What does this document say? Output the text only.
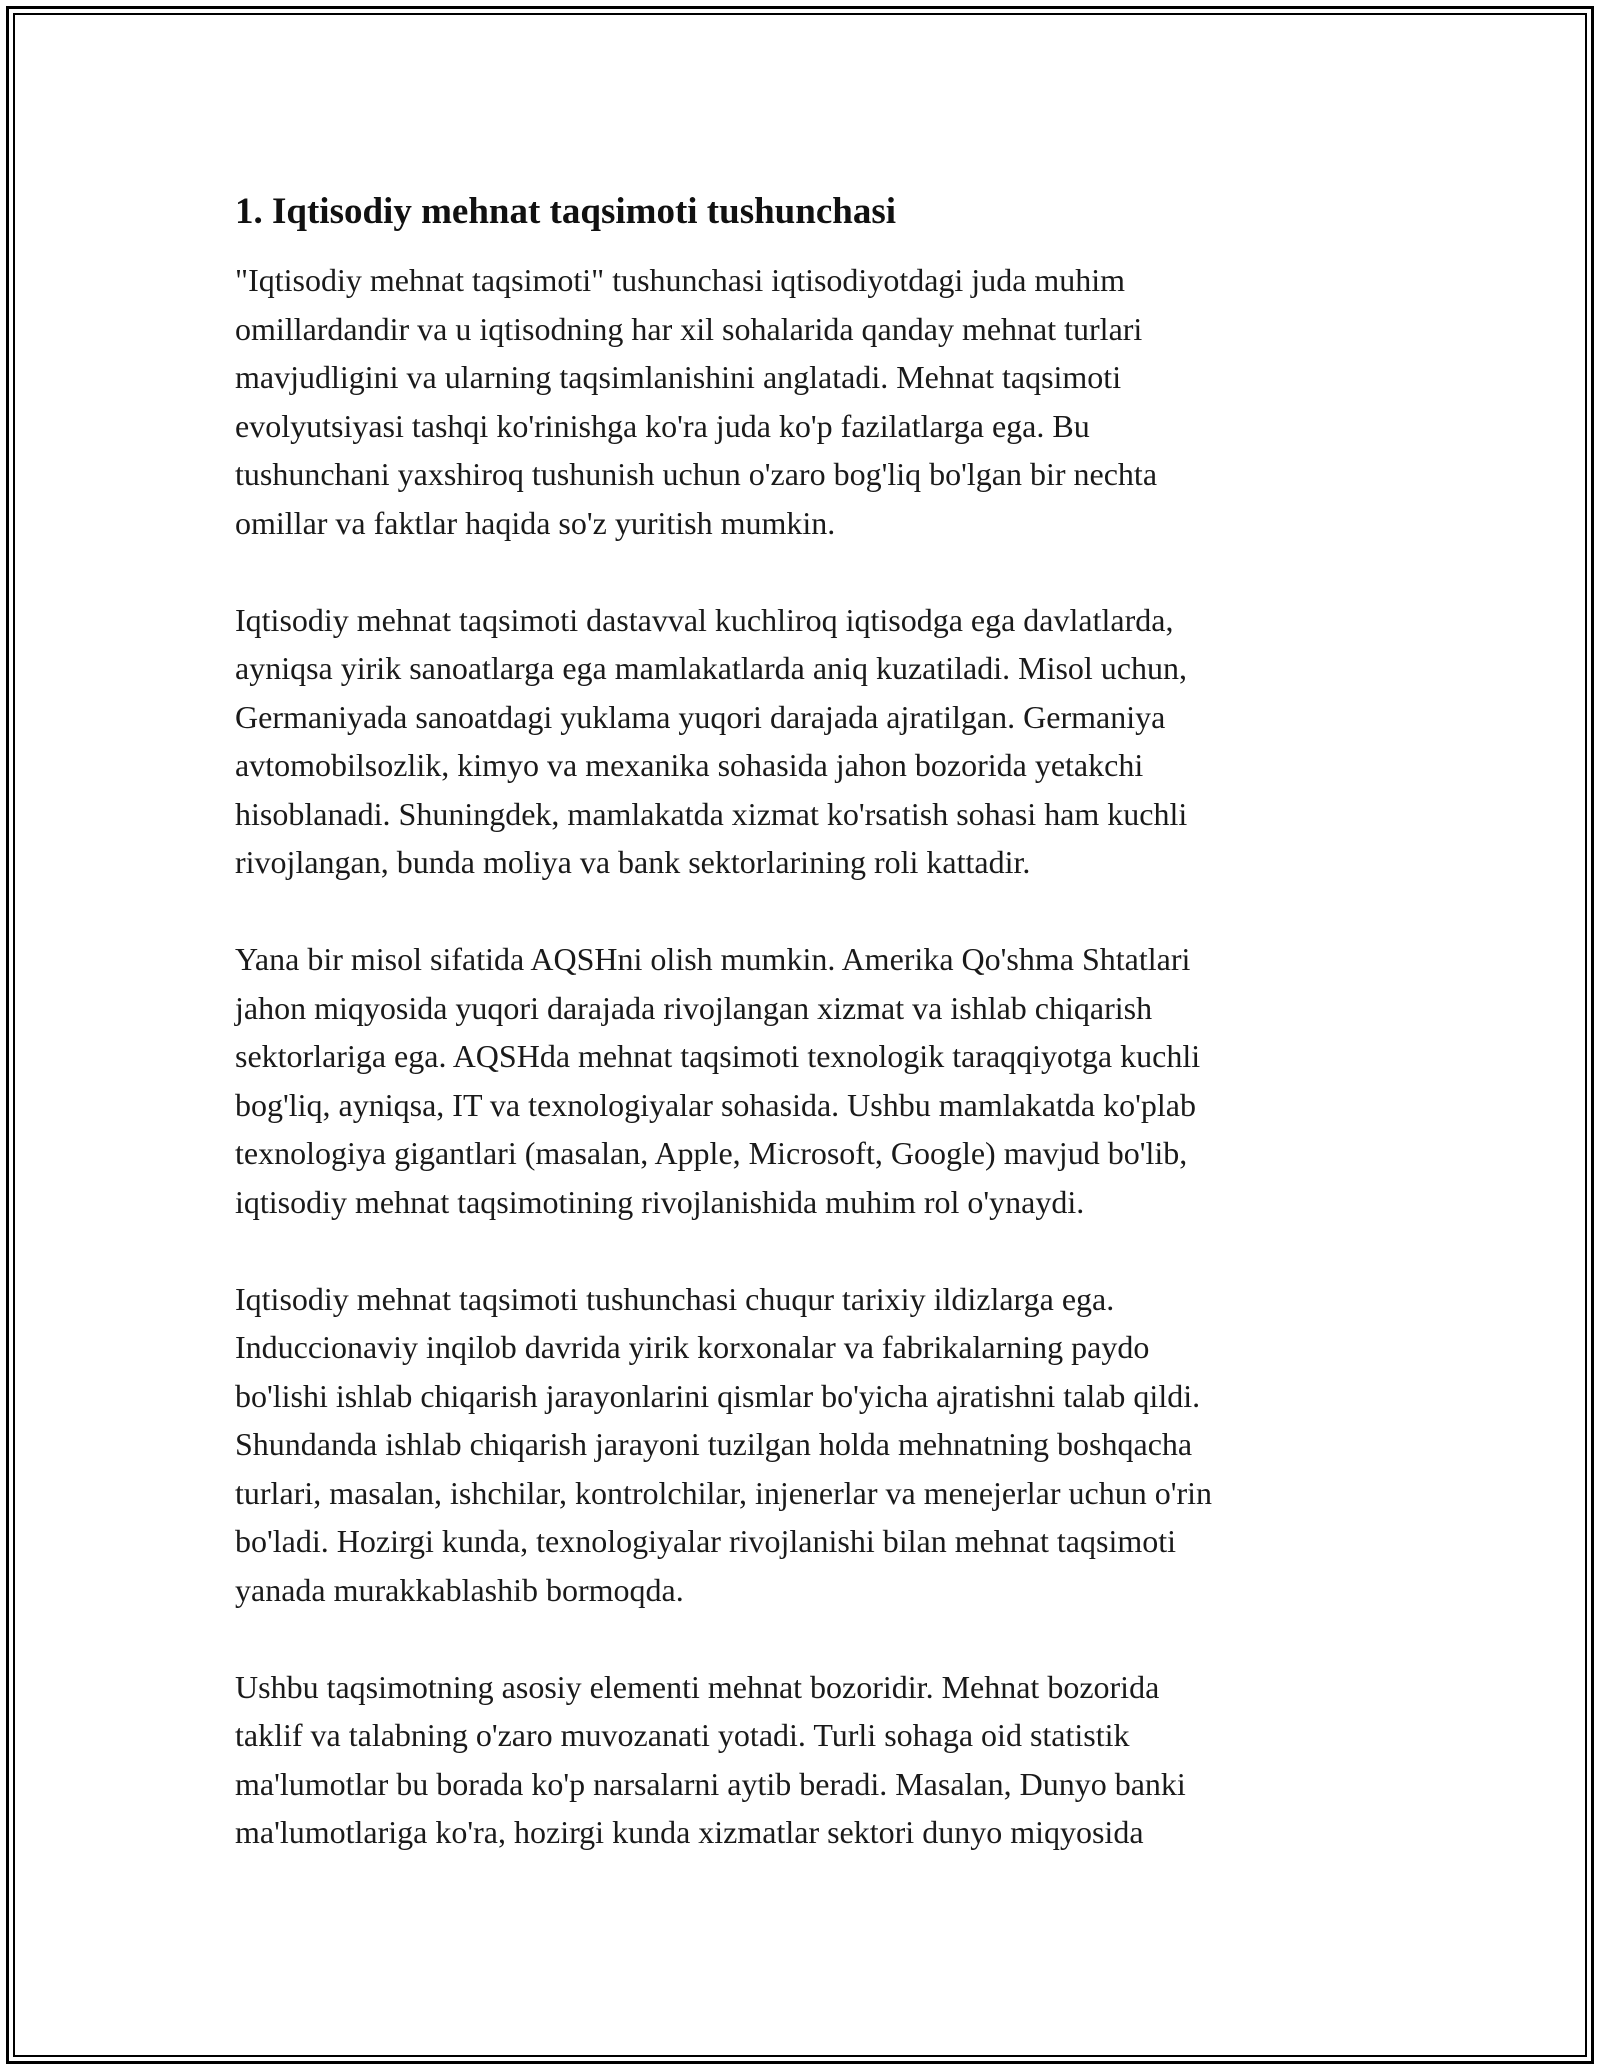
1. Iqtisodiy mehnat taqsimoti tushunchasi
"Iqtisodiy mehnat taqsimoti" tushunchasi iqtisodiyotdagi juda muhim
omillardandir va u iqtisodning har xil sohalarida qanday mehnat turlari
mavjudligini va ularning taqsimlanishini anglatadi. Mehnat taqsimoti
evolyutsiyasi tashqi ko'rinishga ko'ra juda ko'p fazilatlarga ega. Bu
tushunchani yaxshiroq tushunish uchun o'zaro bog'liq bo'lgan bir nechta
omillar va faktlar haqida so'z yuritish mumkin.
Iqtisodiy mehnat taqsimoti dastavval kuchliroq iqtisodga ega davlatlarda,
ayniqsa yirik sanoatlarga ega mamlakatlarda aniq kuzatiladi. Misol uchun,
Germaniyada sanoatdagi yuklama yuqori darajada ajratilgan. Germaniya
avtomobilsozlik, kimyo va mexanika sohasida jahon bozorida yetakchi
hisoblanadi. Shuningdek, mamlakatda xizmat ko'rsatish sohasi ham kuchli
rivojlangan, bunda moliya va bank sektorlarining roli kattadir.
Yana bir misol sifatida AQSHni olish mumkin. Amerika Qo'shma Shtatlari
jahon miqyosida yuqori darajada rivojlangan xizmat va ishlab chiqarish
sektorlariga ega. AQSHda mehnat taqsimoti texnologik taraqqiyotga kuchli
bog'liq, ayniqsa, IT va texnologiyalar sohasida. Ushbu mamlakatda ko'plab
texnologiya gigantlari (masalan, Apple, Microsoft, Google) mavjud bo'lib,
iqtisodiy mehnat taqsimotining rivojlanishida muhim rol o'ynaydi.
Iqtisodiy mehnat taqsimoti tushunchasi chuqur tarixiy ildizlarga ega.
Induccionaviy inqilob davrida yirik korxonalar va fabrikalarning paydo
bo'lishi ishlab chiqarish jarayonlarini qismlar bo'yicha ajratishni talab qildi.
Shundanda ishlab chiqarish jarayoni tuzilgan holda mehnatning boshqacha
turlari, masalan, ishchilar, kontrolchilar, injenerlar va menejerlar uchun o'rin
bo'ladi. Hozirgi kunda, texnologiyalar rivojlanishi bilan mehnat taqsimoti
yanada murakkablashib bormoqda.
Ushbu taqsimotning asosiy elementi mehnat bozoridir. Mehnat bozorida
taklif va talabning o'zaro muvozanati yotadi. Turli sohaga oid statistik
ma'lumotlar bu borada ko'p narsalarni aytib beradi. Masalan, Dunyo banki
ma'lumotlariga ko'ra, hozirgi kunda xizmatlar sektori dunyo miqyosida
